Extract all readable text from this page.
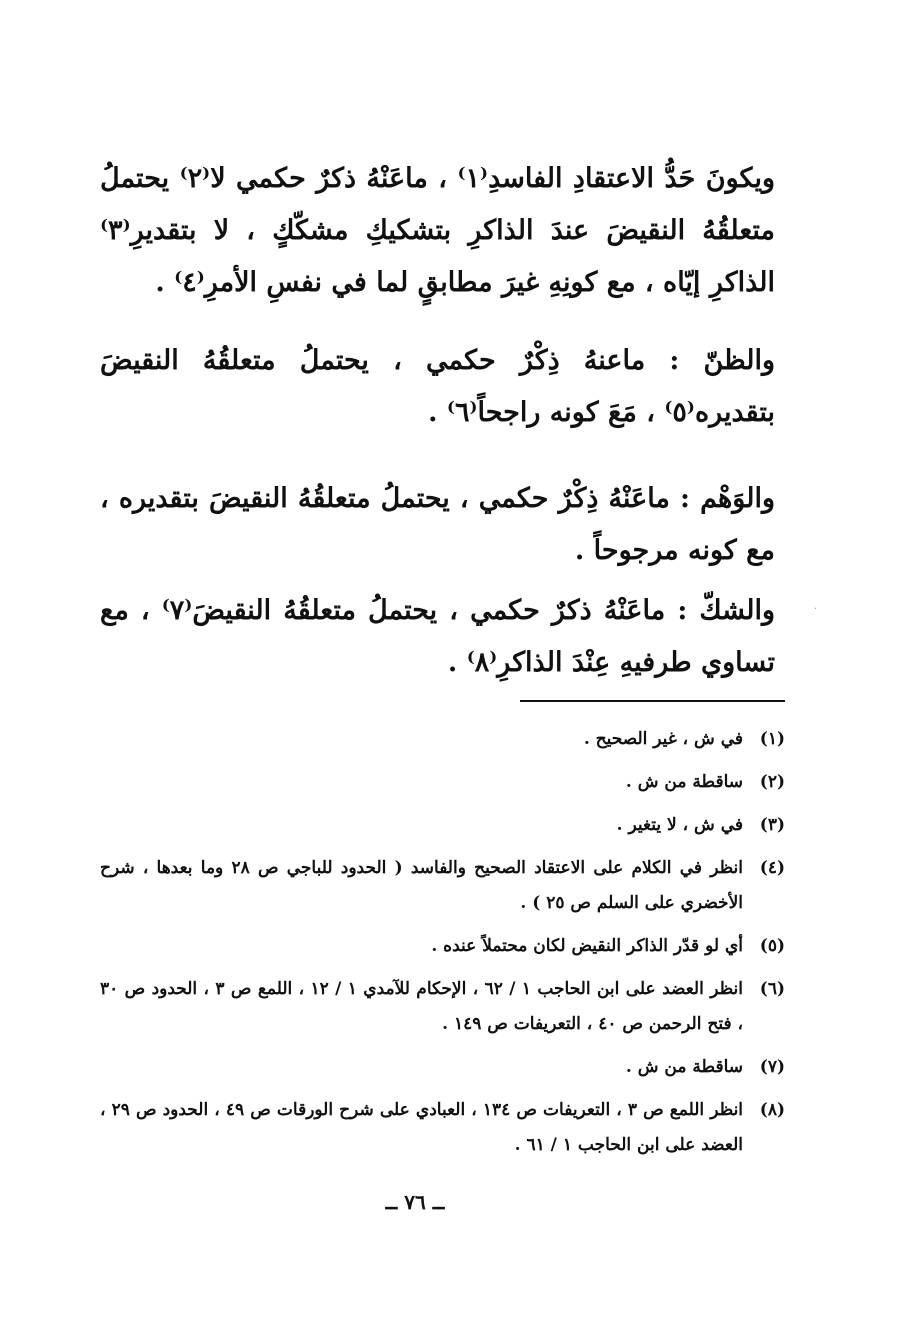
ويكونَ حَدُّ الاعتقادِ الفاسدِ⁽١⁾ ، ماعَنْهُ ذكرٌ حكمي لا⁽٢⁾ يحتملُ متعلقُهُ النقيضَ عندَ الذاكرِ بتشكيكِ مشكّكٍ ، لا بتقديرِ⁽٣⁾ الذاكرِ إيّاه ، مع كونِهِ غيرَ مطابقٍ لما في نفسِ الأمرِ⁽٤⁾ .

والظنّ : ماعنهُ ذِكْرٌ حكمي ، يحتملُ متعلقُهُ النقيضَ بتقديره⁽٥⁾ ، مَعَ كونه راجحاً⁽٦⁾ .

والوَهْم : ماعَنْهُ ذِكْرٌ حكمي ، يحتملُ متعلقُهُ النقيضَ بتقديره ، مع كونه مرجوحاً .

والشكّ : ماعَنْهُ ذكرٌ حكمي ، يحتملُ متعلقُهُ النقيضَ⁽٧⁾ ، مع تساوي طرفيهِ عِنْدَ الذاكرِ⁽٨⁾ .

·
(١)
في ش ، غير الصحيح .
(٢)
ساقطة من ش .
(٣)
في ش ، لا يتغير .
(٤)
انظر في الكلام على الاعتقاد الصحيح والفاسد ( الحدود للباجي ص ٢٨ وما بعدها ، شرح الأخضري على السلم ص ٢٥ ) .
(٥)
أي لو قدّر الذاكر النقيض لكان محتملاً عنده .
(٦)
انظر العضد على ابن الحاجب ١ / ٦٢ ، الإحكام للآمدي ١ / ١٢ ، اللمع ص ٣ ، الحدود ص ٣٠ ، فتح الرحمن ص ٤٠ ، التعريفات ص ١٤٩ .
(٧)
ساقطة من ش .
(٨)
انظر اللمع ص ٣ ، التعريفات ص ١٣٤ ، العبادي على شرح الورقات ص ٤٩ ، الحدود ص ٢٩ ، العضد على ابن الحاجب ١ / ٦١ .
ــ ٧٦ ــ
